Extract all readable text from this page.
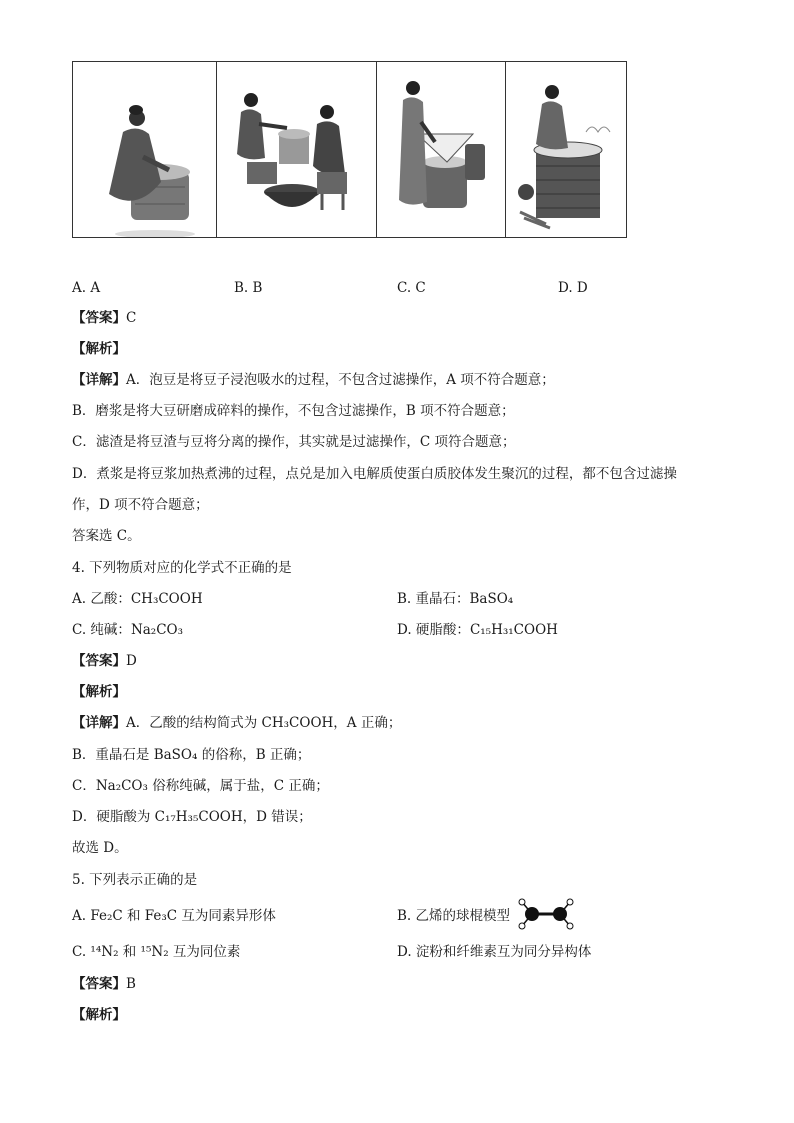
A. A	B. B	C. C	D. D
【答案】C
【解析】
【详解】A．泡豆是将豆子浸泡吸水的过程，不包含过滤操作，A 项不符合题意；
B．磨浆是将大豆研磨成碎料的操作，不包含过滤操作，B 项不符合题意；
C．滤渣是将豆渣与豆将分离的操作，其实就是过滤操作，C 项符合题意；
D．煮浆是将豆浆加热煮沸的过程，点兑是加入电解质使蛋白质胶体发生聚沉的过程，都不包含过滤操
作，D 项不符合题意；
答案选 C。
4. 下列物质对应的化学式不正确的是
A. 乙酸：CH₃COOH	B. 重晶石：BaSO₄
C. 纯碱：Na₂CO₃	D. 硬脂酸：C₁₅H₃₁COOH
【答案】D
【解析】
【详解】A．乙酸的结构简式为 CH₃COOH，A 正确；
B．重晶石是 BaSO₄ 的俗称，B 正确；
C．Na₂CO₃ 俗称纯碱，属于盐，C 正确；
D．硬脂酸为 C₁₇H₃₅COOH，D 错误；
故选 D。
5. 下列表示正确的是
A. Fe₂C 和 Fe₃C 互为同素异形体	B. 乙烯的球棍模型
C. ¹⁴N₂ 和 ¹⁵N₂ 互为同位素	D. 淀粉和纤维素互为同分异构体
【答案】B
【解析】
